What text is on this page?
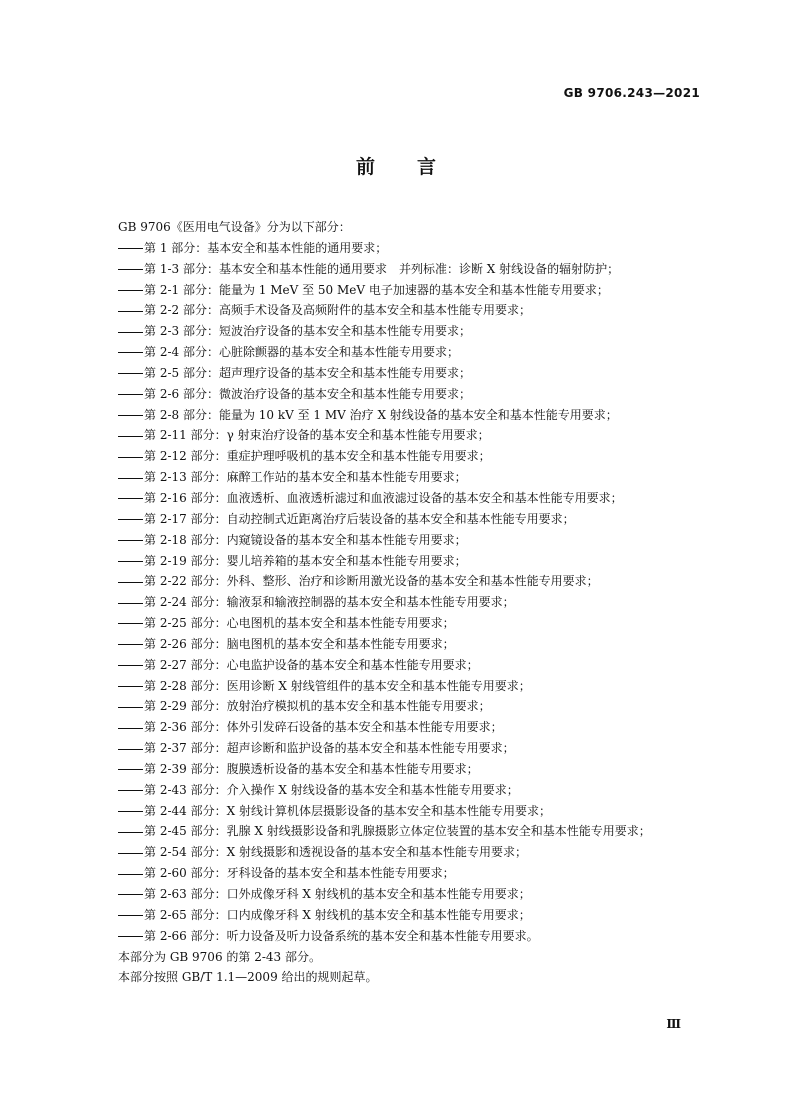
GB 9706.243—2021
前言
GB 9706《医用电气设备》分为以下部分：
第 1 部分：基本安全和基本性能的通用要求；
第 1-3 部分：基本安全和基本性能的通用要求　并列标准：诊断 X 射线设备的辐射防护；
第 2-1 部分：能量为 1 MeV 至 50 MeV 电子加速器的基本安全和基本性能专用要求；
第 2-2 部分：高频手术设备及高频附件的基本安全和基本性能专用要求；
第 2-3 部分：短波治疗设备的基本安全和基本性能专用要求；
第 2-4 部分：心脏除颤器的基本安全和基本性能专用要求；
第 2-5 部分：超声理疗设备的基本安全和基本性能专用要求；
第 2-6 部分：微波治疗设备的基本安全和基本性能专用要求；
第 2-8 部分：能量为 10 kV 至 1 MV 治疗 X 射线设备的基本安全和基本性能专用要求；
第 2-11 部分：γ 射束治疗设备的基本安全和基本性能专用要求；
第 2-12 部分：重症护理呼吸机的基本安全和基本性能专用要求；
第 2-13 部分：麻醉工作站的基本安全和基本性能专用要求；
第 2-16 部分：血液透析、血液透析滤过和血液滤过设备的基本安全和基本性能专用要求；
第 2-17 部分：自动控制式近距离治疗后装设备的基本安全和基本性能专用要求；
第 2-18 部分：内窥镜设备的基本安全和基本性能专用要求；
第 2-19 部分：婴儿培养箱的基本安全和基本性能专用要求；
第 2-22 部分：外科、整形、治疗和诊断用激光设备的基本安全和基本性能专用要求；
第 2-24 部分：输液泵和输液控制器的基本安全和基本性能专用要求；
第 2-25 部分：心电图机的基本安全和基本性能专用要求；
第 2-26 部分：脑电图机的基本安全和基本性能专用要求；
第 2-27 部分：心电监护设备的基本安全和基本性能专用要求；
第 2-28 部分：医用诊断 X 射线管组件的基本安全和基本性能专用要求；
第 2-29 部分：放射治疗模拟机的基本安全和基本性能专用要求；
第 2-36 部分：体外引发碎石设备的基本安全和基本性能专用要求；
第 2-37 部分：超声诊断和监护设备的基本安全和基本性能专用要求；
第 2-39 部分：腹膜透析设备的基本安全和基本性能专用要求；
第 2-43 部分：介入操作 X 射线设备的基本安全和基本性能专用要求；
第 2-44 部分：X 射线计算机体层摄影设备的基本安全和基本性能专用要求；
第 2-45 部分：乳腺 X 射线摄影设备和乳腺摄影立体定位装置的基本安全和基本性能专用要求；
第 2-54 部分：X 射线摄影和透视设备的基本安全和基本性能专用要求；
第 2-60 部分：牙科设备的基本安全和基本性能专用要求；
第 2-63 部分：口外成像牙科 X 射线机的基本安全和基本性能专用要求；
第 2-65 部分：口内成像牙科 X 射线机的基本安全和基本性能专用要求；
第 2-66 部分：听力设备及听力设备系统的基本安全和基本性能专用要求。
本部分为 GB 9706 的第 2-43 部分。
本部分按照 GB/T 1.1—2009 给出的规则起草。
Ⅲ
